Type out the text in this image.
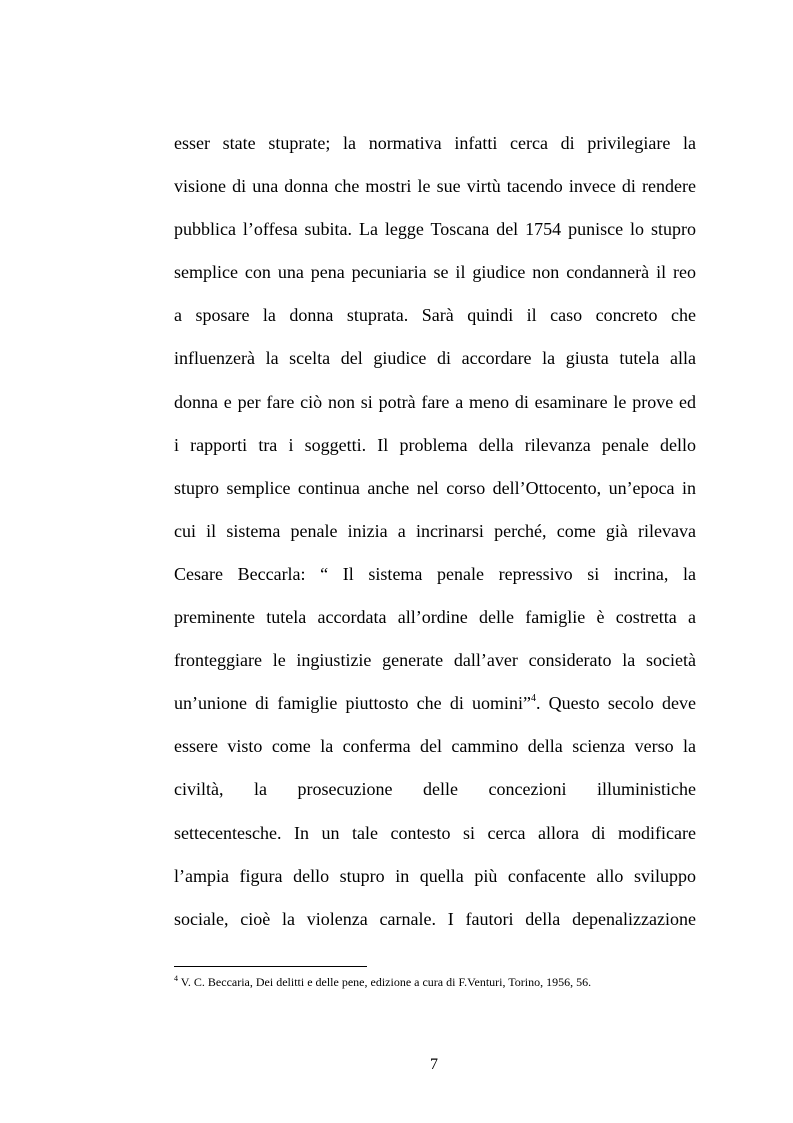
esser state stuprate; la normativa infatti cerca di privilegiare la
visione di una donna che mostri le sue virtù tacendo invece di rendere
pubblica l’offesa subita. La legge Toscana del 1754 punisce lo stupro
semplice con una pena pecuniaria se il giudice non condannerà il reo
a sposare la donna stuprata. Sarà quindi il caso concreto che
influenzerà la scelta del giudice di accordare la giusta tutela alla
donna e per fare ciò non si potrà fare a meno di esaminare le prove ed
i rapporti tra i soggetti. Il problema della rilevanza penale dello
stupro semplice continua anche nel corso dell’Ottocento, un’epoca in
cui il sistema penale inizia a incrinarsi perché, come già rilevava
Cesare Beccarla: “ Il sistema penale repressivo si incrina, la
preminente tutela accordata all’ordine delle famiglie è costretta a
fronteggiare le ingiustizie generate dall’aver considerato la società
un’unione di famiglie piuttosto che di uomini”$^4$. Questo secolo deve
essere visto come la conferma del cammino della scienza verso la
civiltà, la prosecuzione delle concezioni illuministiche
settecentesche. In un tale contesto si cerca allora di modificare
l’ampia figura dello stupro in quella più confacente allo sviluppo
sociale, cioè la violenza carnale. I fautori della depenalizzazione
$^4$ V. C. Beccaria, Dei delitti e delle pene, edizione a cura di F.Venturi, Torino, 1956, 56.
7
